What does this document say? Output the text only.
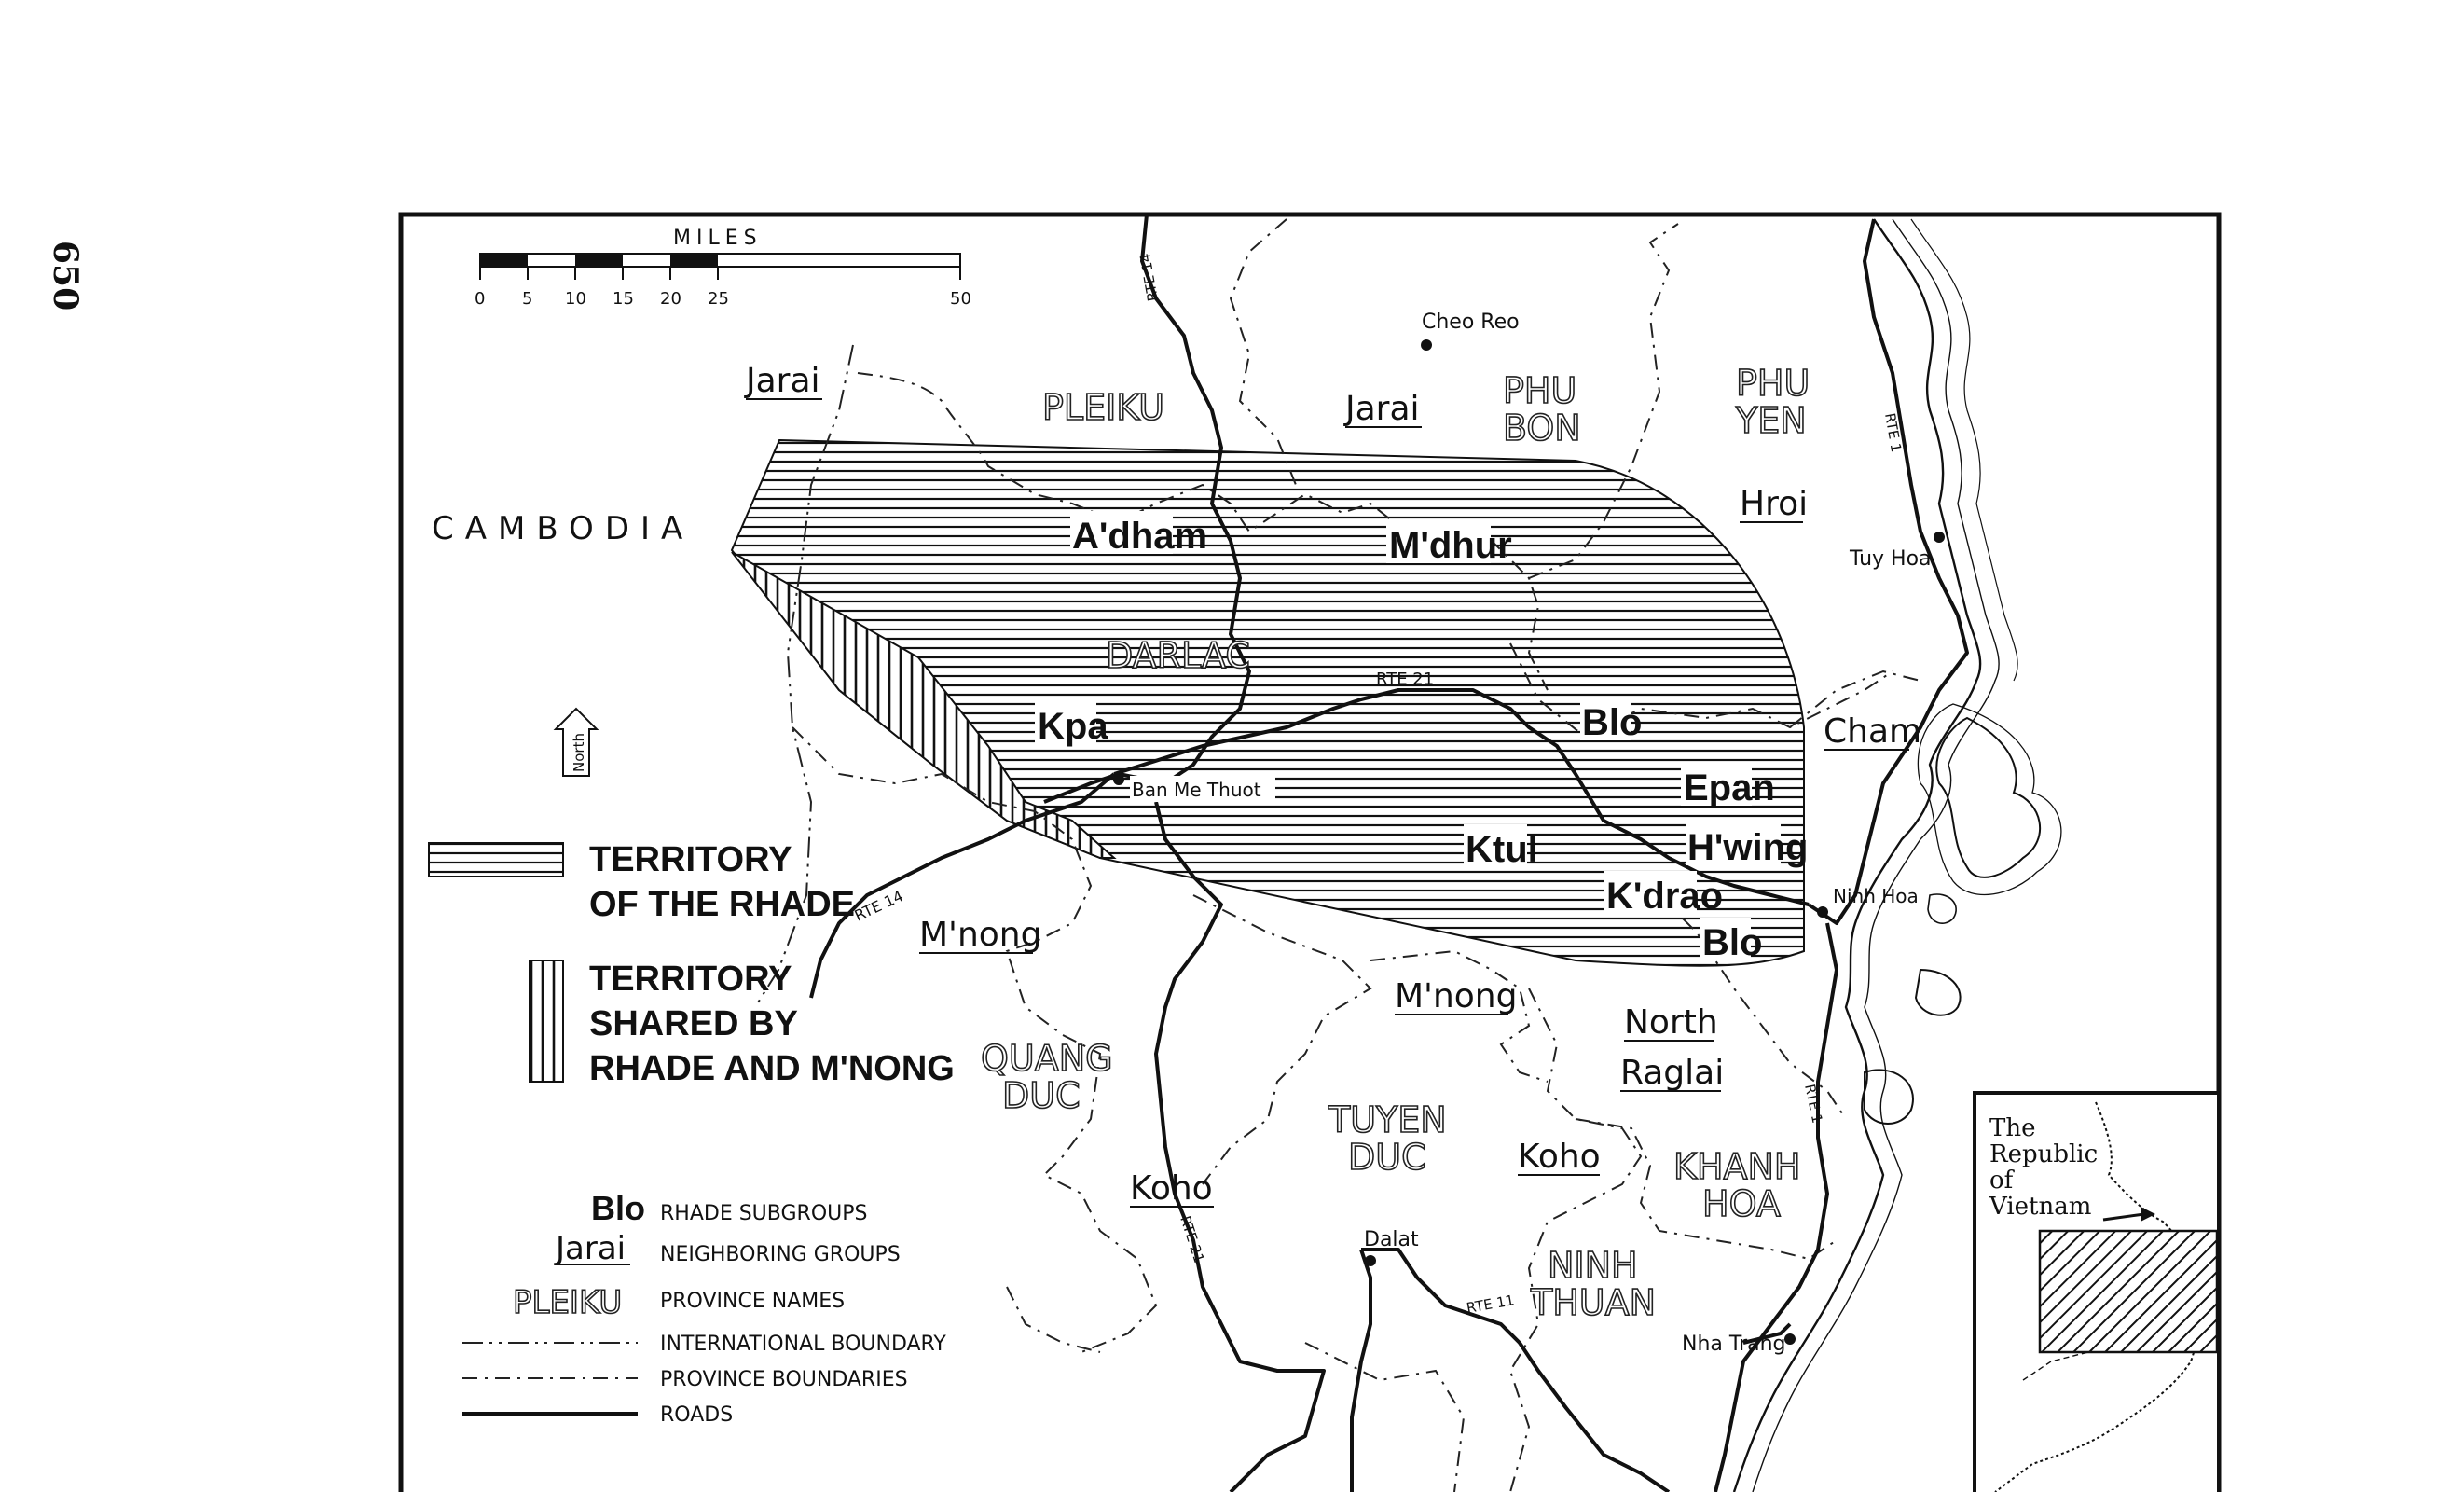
650
MILES
0 5 10 15 20 25	50
CAMBODIA
North
PLEIKU	PHU BON
PHU YEN
DARLAC
QUANG DUC
TUYEN DUC	KHANH HOA
NINH THUAN
A'dham	M'dhur
Kpa	Blo
Epan
H'wing
Ktul
K'drao
Blo
Jarai
Jarai
Hroi
Cham
M'nong
M'nong
North Raglai
Koho
Koho
Cheo Reo
Tuy Hoa
Ban Me Thuot
Ninh Hoa
Dalat
Nha Trang
RTE 14
RTE 21
RTE 1
RTE 14
RTE 1
RTE 21
RTE 11
TERRITORY OF THE RHADE
TERRITORY SHARED BY RHADE AND M'NONG
Blo RHADE SUBGROUPS
Jarai NEIGHBORING GROUPS
PLEIKU PROVINCE NAMES
INTERNATIONAL BOUNDARY
PROVINCE BOUNDARIES
ROADS
The Republic of Vietnam
